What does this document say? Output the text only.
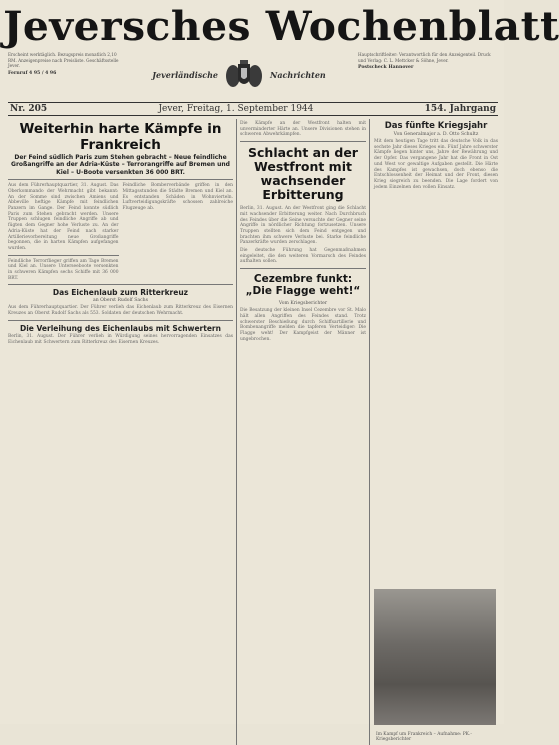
Jeversches Wochenblatt
Erscheint werktäglich. Bezugspreis monatlich 2,10 RM. Anzeigenpreise nach Preisliste. Geschäftsstelle Jever.
Fernruf 4 95 / 4 96	Jeverländische	Nachrichten
Hauptschriftleiter: Verantwortlich für den Anzeigenteil. Druck und Verlag: C. L. Mettcker & Söhne, Jever.
Postscheck Hannover
Nr. 205	Jever, Freitag, 1. September 1944	154. Jahrgang
Weiterhin harte Kämpfe in Frankreich
Der Feind südlich Paris zum Stehen gebracht – Neue feindliche Großangriffe an der Adria-Küste – Terrorangriffe auf Bremen und Kiel – U-Boote versenkten 36 000 BRT.
Aus dem Führerhauptquartier, 31. August. Das Oberkommando der Wehrmacht gibt bekannt: An der Somme sind zwischen Amiens und Abbeville heftige Kämpfe mit feindlichen Panzern im Gange. Der Feind konnte südlich Paris zum Stehen gebracht werden. Unsere Truppen schlugen feindliche Angriffe ab und fügten dem Gegner hohe Verluste zu. An der Adria-Küste hat der Feind nach starker Artillerievorbereitung neue Großangriffe begonnen, die in harten Kämpfen aufgefangen wurden.
Feindliche Terrorflieger griffen am Tage Bremen und Kiel an. Unsere Unterseeboote versenkten in schweren Kämpfen sechs Schiffe mit 36 000 BRT.
Feindliche Bomberverbände griffen in den Mittagsstunden die Städte Bremen und Kiel an. Es entstanden Schäden in Wohnvierteln. Luftverteidigungskräfte schossen zahlreiche Flugzeuge ab.
Das Eichenlaub zum Ritterkreuz
an Oberst Rudolf Sachs
Aus dem Führerhauptquartier. Der Führer verlieh das Eichenlaub zum Ritterkreuz des Eisernen Kreuzes an Oberst Rudolf Sachs als 553. Soldaten der deutschen Wehrmacht.
Die Verleihung des Eichenlaubs mit Schwertern
Berlin, 31. August. Der Führer verlieh in Würdigung seines hervorragenden Einsatzes das Eichenlaub mit Schwertern zum Ritterkreuz des Eisernen Kreuzes.
Die Kämpfe an der Westfront halten mit unverminderter Härte an. Unsere Divisionen stehen in schweren Abwehrkämpfen.
Schlacht an der Westfront mit wachsender Erbitterung
Berlin, 31. August. An der Westfront ging die Schlacht mit wachsender Erbitterung weiter. Nach Durchbruch des Feindes über die Seine versuchte der Gegner seine Angriffe in nördlicher Richtung fortzusetzen. Unsere Truppen stellten sich dem Feind entgegen und brachten ihm schwere Verluste bei. Starke feindliche Panzerkräfte wurden zerschlagen.
Die deutsche Führung hat Gegenmaßnahmen eingeleitet, die den weiteren Vormarsch des Feindes aufhalten sollen.
Cezembre funkt: „Die Flagge weht!“
Vom Kriegsberichter
Die Besatzung der kleinen Insel Cezembre vor St. Malo hält allen Angriffen des Feindes stand. Trotz schwerster Beschießung durch Schiffsartillerie und Bombenangriffe melden die tapferen Verteidiger: Die Flagge weht! Der Kampfgeist der Männer ist ungebrochen.
Das fünfte Kriegsjahr
Von Generalmajor a. D. Otto Schultz
Mit dem heutigen Tage tritt das deutsche Volk in das sechste Jahr dieses Krieges ein. Fünf Jahre schwerster Kämpfe liegen hinter uns, Jahre der Bewährung und der Opfer. Das vergangene Jahr hat die Front in Ost und West vor gewaltige Aufgaben gestellt. Die Härte des Kampfes ist gewachsen, doch ebenso die Entschlossenheit der Heimat und der Front, diesen Krieg siegreich zu beenden. Die Lage fordert von jedem Einzelnen den vollen Einsatz.
Im Kampf um Frankreich – Aufnahme: PK.-Kriegsberichter
